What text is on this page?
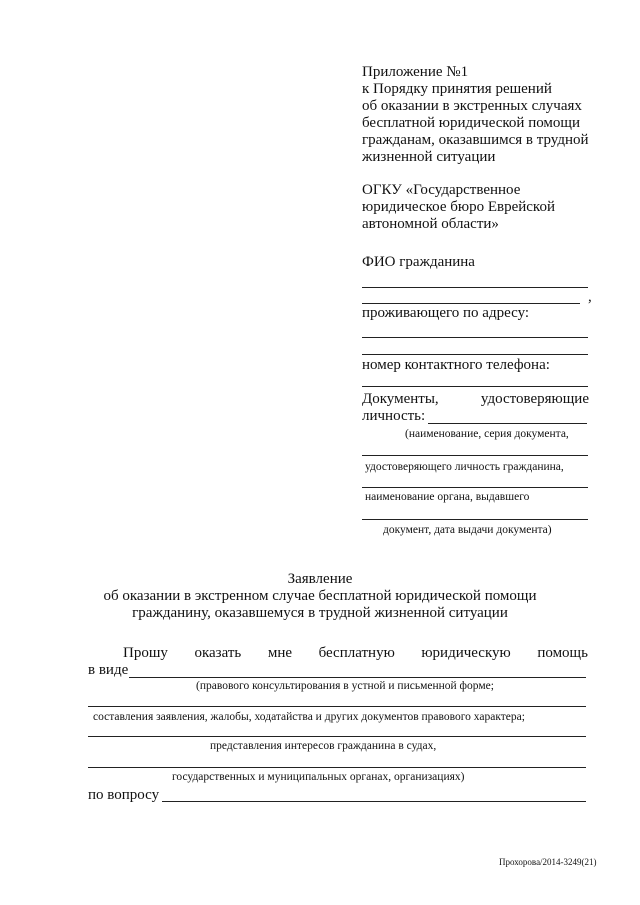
Приложение №1
к Порядку принятия решений
об оказании в экстренных случаях
бесплатной юридической помощи
гражданам, оказавшимся в трудной
жизненной ситуации
ОГКУ «Государственное
юридическое бюро Еврейской
автономной области»
ФИО гражданина
,
проживающего по адресу:
номер контактного телефона:
Документы,	удостоверяющие
личность:
(наименование, серия документа,
удостоверяющего личность гражданина,
наименование органа, выдавшего
документ, дата выдачи документа)
Заявление
об оказании в экстренном случае бесплатной юридической помощи
гражданину, оказавшемуся в трудной жизненной ситуации
Прошу оказать мне бесплатную юридическую помощь
в виде
(правового консультирования в устной и письменной форме;
составления заявления, жалобы, ходатайства и других документов правового характера;
представления интересов гражданина в судах,
государственных и муниципальных органах, организациях)
по вопросу
Прохорова/2014-3249(21)
